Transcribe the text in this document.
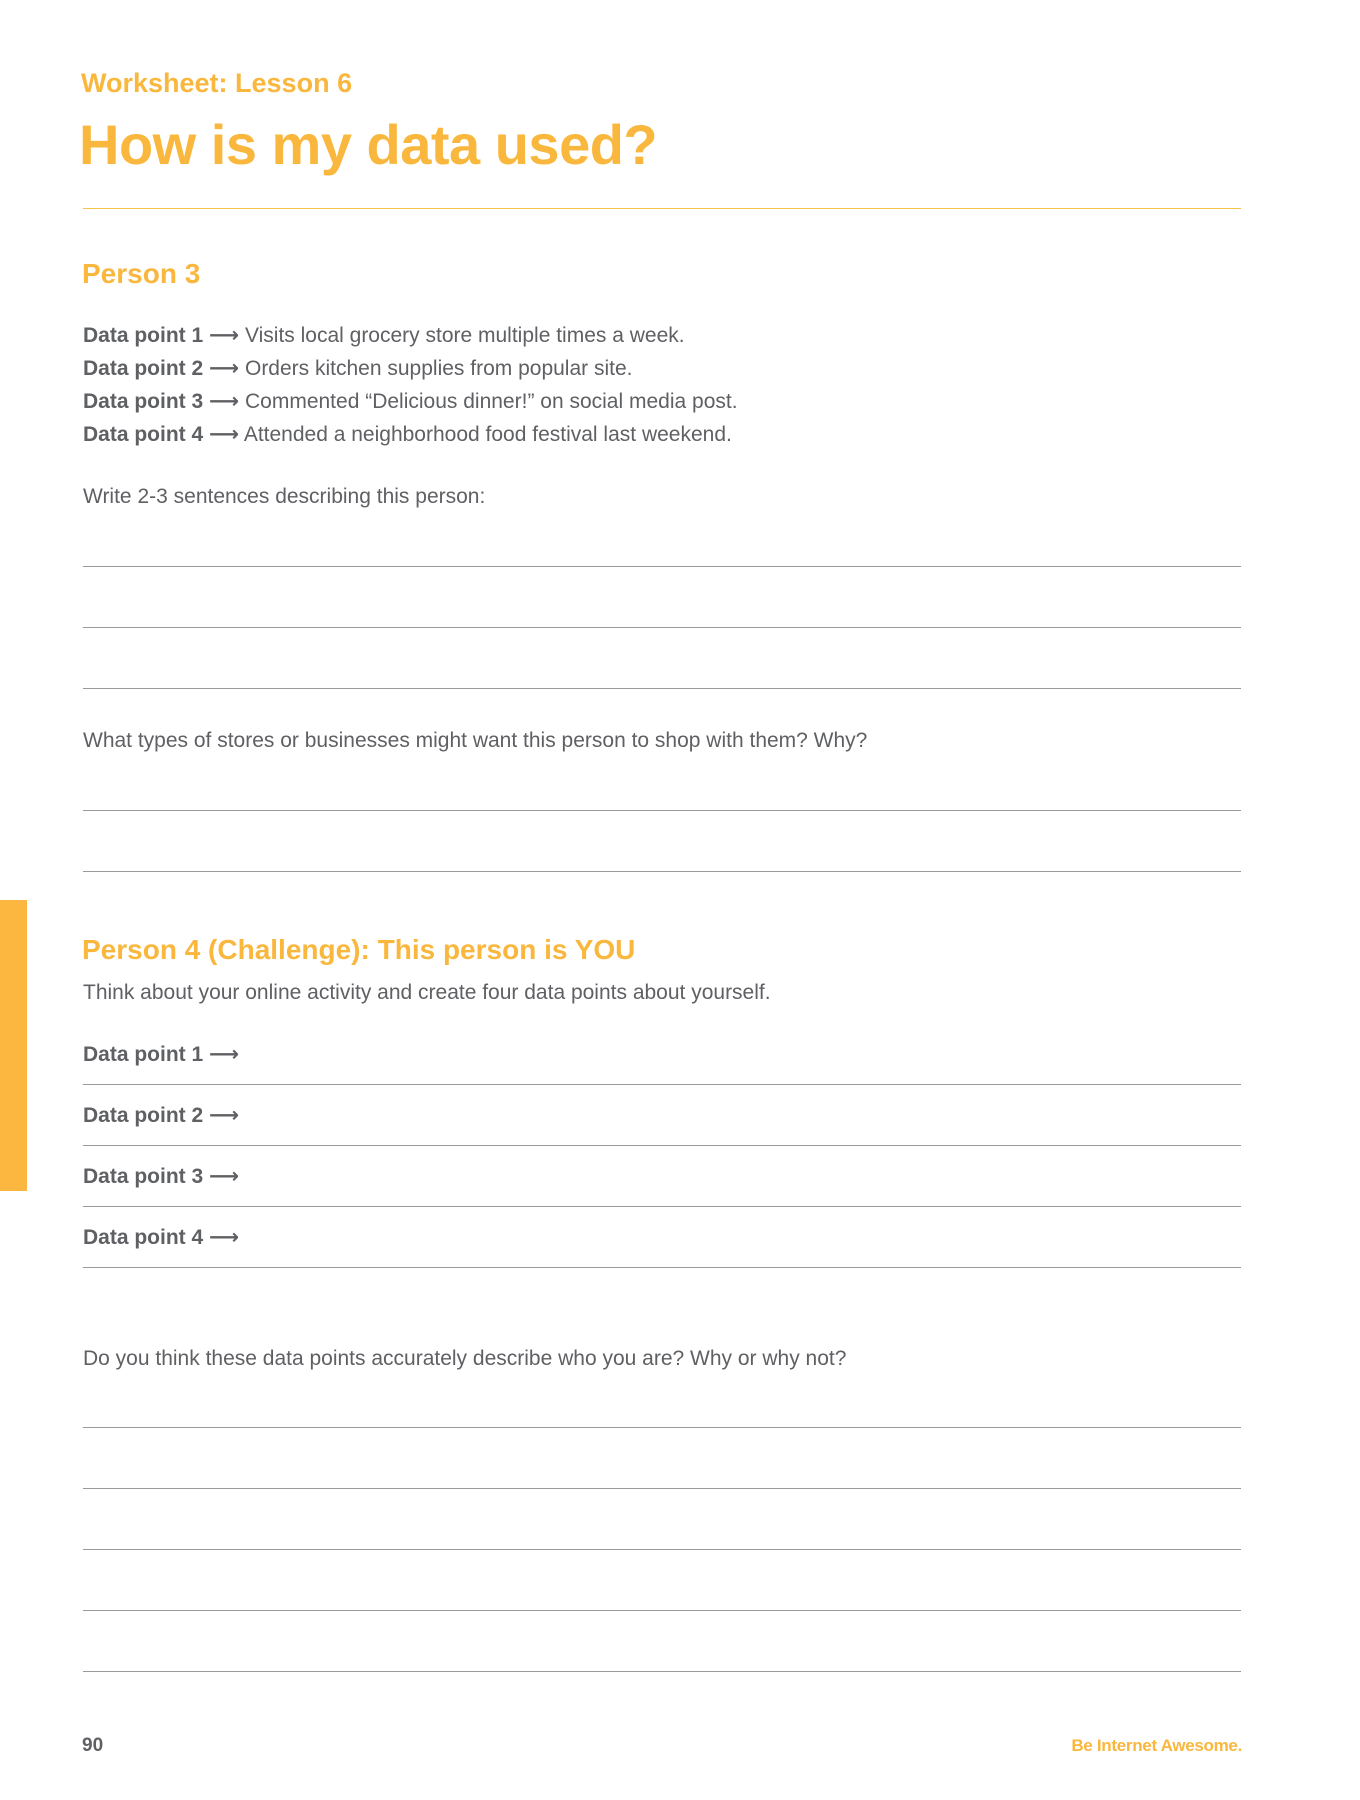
Worksheet: Lesson 6
How is my data used?
Person 3
Data point 1 ⟶ Visits local grocery store multiple times a week.
Data point 2 ⟶ Orders kitchen supplies from popular site.
Data point 3 ⟶ Commented “Delicious dinner!” on social media post.
Data point 4 ⟶ Attended a neighborhood food festival last weekend.
Write 2-3 sentences describing this person:
What types of stores or businesses might want this person to shop with them? Why?
Person 4 (Challenge): This person is YOU
Think about your online activity and create four data points about yourself.
Data point 1 ⟶
Data point 2 ⟶
Data point 3 ⟶
Data point 4 ⟶
Do you think these data points accurately describe who you are? Why or why not?
90	Be Internet Awesome.
